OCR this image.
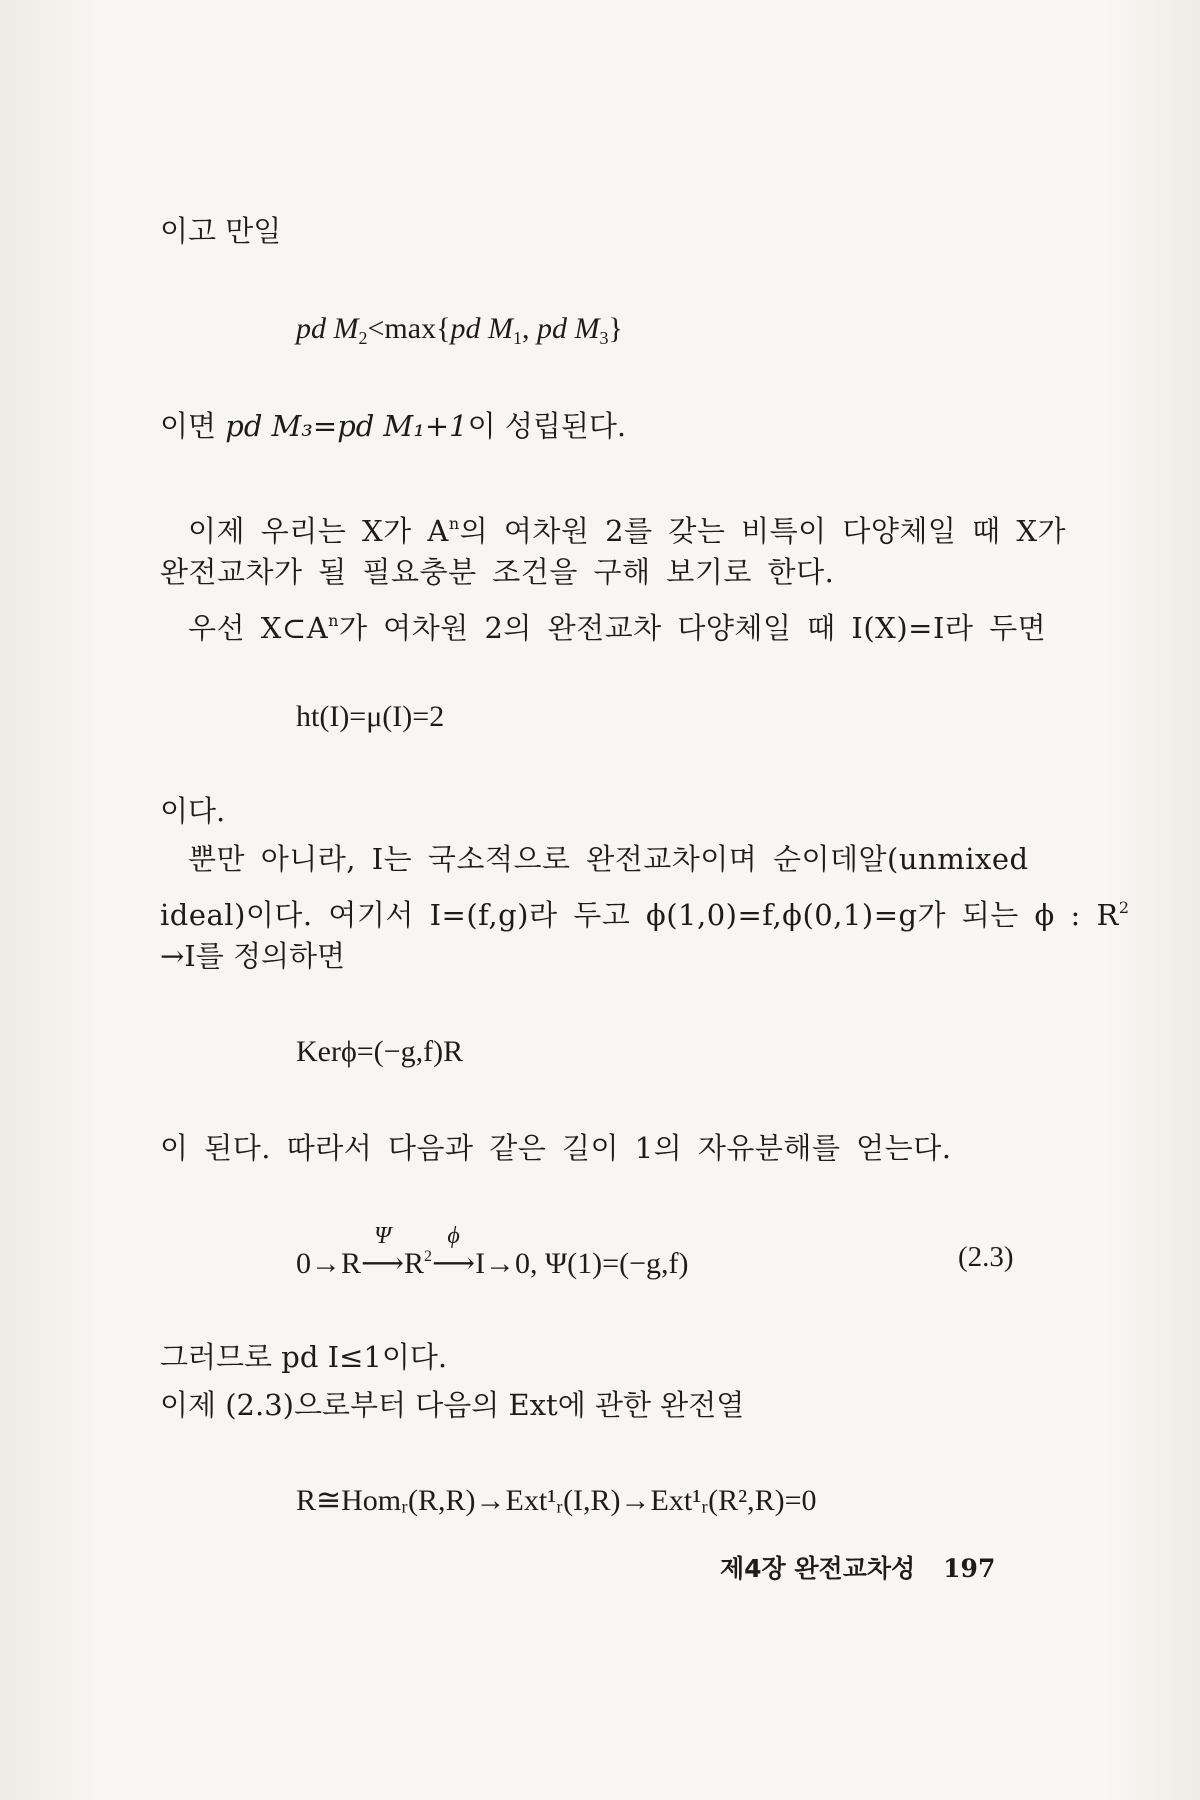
이고 만일
pd $M_2<\max\{pd$ $M_1$, pd $M_3$}
이면 pd M₃=pd M₁+1이 성립된다.
이제 우리는 X가 $A^n$의 여차원 2를 갖는 비특이 다양체일 때 X가
완전교차가 될 필요충분 조건을 구해 보기로 한다.
우선 $X\subset A^n$가 여차원 2의 완전교차 다양체일 때 I(X)=I라 두면
ht(I)=μ(I)=2
이다.
뿐만 아니라, I는 국소적으로 완전교차이며 순이데알(unmixed
ideal)이다. 여기서 I=(f,g)라 두고 ϕ(1,0)=f,ϕ(0,1)=g가 되는 ϕ : $R^2$
→I를 정의하면
Kerϕ=(−g,f)R
이 된다. 따라서 다음과 같은 길이 1의 자유분해를 얻는다.
0→R
Ψ
$⟶R^2$
ϕ
⟶I→0, Ψ(1)=(−g,f)	(2.3)
그러므로 pd I≤1이다.
이제 (2.3)으로부터 다음의 Ext에 관한 완전열
R≅Homᵣ(R,R)→Ext¹ᵣ(I,R)→Ext¹ᵣ(R²,R)=0
제4장 완전교차성 197
